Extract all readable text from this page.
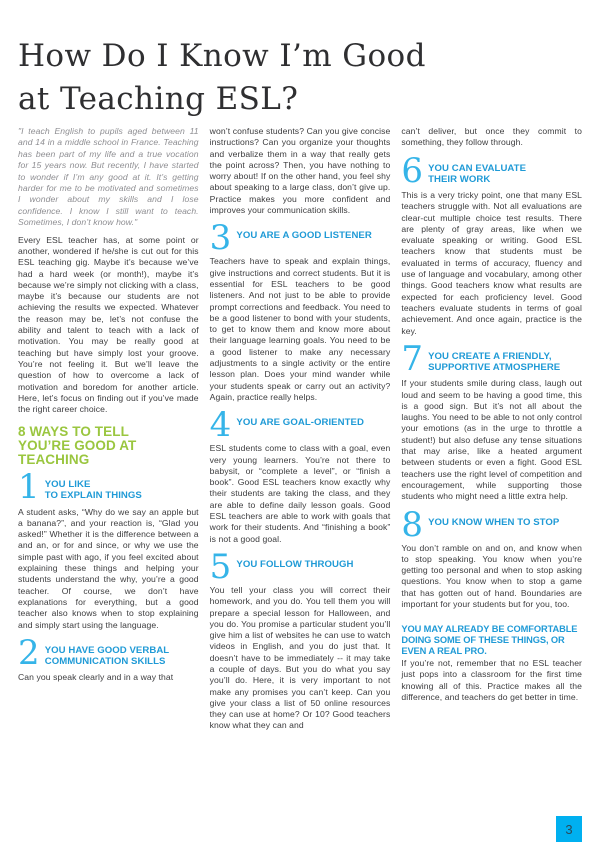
How Do I Know I’m Good
at Teaching ESL?

"I teach English to pupils aged between 11 and 14 in a middle school in France. Teaching has been part of my life and a true vocation for 15 years now. But recently, I have started to wonder if I’m any good at it. It’s getting harder for me to be motivated and sometimes I wonder about my skills and I lose confidence. I know I still want to teach. Sometimes, I don’t know how."

Every ESL teacher has, at some point or another, wondered if he/she is cut out for this ESL teaching gig. Maybe it’s because we’ve had a hard week (or month!), maybe it’s because we’re simply not clicking with a class, maybe it’s because our students are not achieving the results we expected. Whatever the reason may be, let’s not confuse the ability and talent to teach with a lack of motivation. You may be really good at teaching but have simply lost your groove. You’re not feeling it. But we’ll leave the question of how to overcome a lack of motivation and boredom for another article. Here, let’s focus on finding out if you’ve made the right career choice.

8 WAYS TO TELL
YOU’RE GOOD AT
TEACHING
1 YOU LIKE
TO EXPLAIN THINGS

A student asks, “Why do we say an apple but a banana?”, and your reaction is, “Glad you asked!” Whether it is the difference between a and an, or for and since, or why we use the simple past with ago, if you feel excited about explaining these things and helping your students understand the why, you’re a good teacher. Of course, we don’t have explanations for everything, but a good teacher also knows when to stop explaining and simply start using the language.

2 YOU HAVE GOOD VERBAL
COMMUNICATION SKILLS

Can you speak clearly and in a way that

won’t confuse students? Can you give concise instructions? Can you organize your thoughts and verbalize them in a way that really gets the point across? Then, you have nothing to worry about! If on the other hand, you feel shy about speaking to a large class, don’t give up. Practice makes you more confident and improves your communication skills.

3 YOU ARE A GOOD LISTENER

Teachers have to speak and explain things, give instructions and correct students. But it is essential for ESL teachers to be good listeners. And not just to be able to provide prompt corrections and feedback. You need to be a good listener to bond with your students, to get to know them and know more about their language learning goals. You need to be a good listener to make any necessary adjustments to a single activity or the entire lesson plan. Does your mind wander while your students speak or carry out an activity? Again, practice really helps.

4 YOU ARE GOAL-ORIENTED

ESL students come to class with a goal, even very young learners. You’re not there to babysit, or “complete a level”, or “finish a book”. Good ESL teachers know exactly why their students are taking the class, and they are able to define daily lesson goals. Good ESL teachers are able to work with goals that work for their students. And “finishing a book” is not a good goal.

5 YOU FOLLOW THROUGH

You tell your class you will correct their homework, and you do. You tell them you will prepare a special lesson for Halloween, and you do. You promise a particular student you’ll give him a list of websites he can use to watch videos in English, and you do just that. It doesn’t have to be immediately -- it may take a couple of days. But you do what you say you’ll do. Here, it is very important to not make any promises you can’t keep. Can you give your class a list of 50 online resources they can use at home? Or 10? Good teachers know what they can and

can’t deliver, but once they commit to something, they follow through.

6 YOU CAN EVALUATE
THEIR WORK

This is a very tricky point, one that many ESL teachers struggle with. Not all evaluations are clear-cut multiple choice test results. There are plenty of gray areas, like when we evaluate speaking or writing. Good ESL teachers know that students must be evaluated in terms of accuracy, fluency and use of language and vocabulary, among other things. Good teachers know what results are expected for each proficiency level. Good teachers evaluate students in terms of goal achievement. And once again, practice is the key.

7 YOU CREATE A FRIENDLY,
SUPPORTIVE ATMOSPHERE

If your students smile during class, laugh out loud and seem to be having a good time, this is a good sign. But it’s not all about the laughs. You need to be able to not only control your emotions (as in the urge to throttle a student!) but also defuse any tense situations that may arise, like a heated argument between students or even a fight. Good ESL teachers use the right level of competition and encouragement, while supporting those students who might need a little extra help.

8 YOU KNOW WHEN TO STOP

You don’t ramble on and on, and know when to stop speaking. You know when you’re getting too personal and when to stop asking questions. You know when to stop a game that has gotten out of hand. Boundaries are important for your students but for you, too.

YOU MAY ALREADY BE COMFORTABLE
DOING SOME OF THESE THINGS, OR
EVEN A REAL PRO.

If you’re not, remember that no ESL teacher just pops into a classroom for the first time knowing all of this. Practice makes all the difference, and teachers do get better in time.

3
